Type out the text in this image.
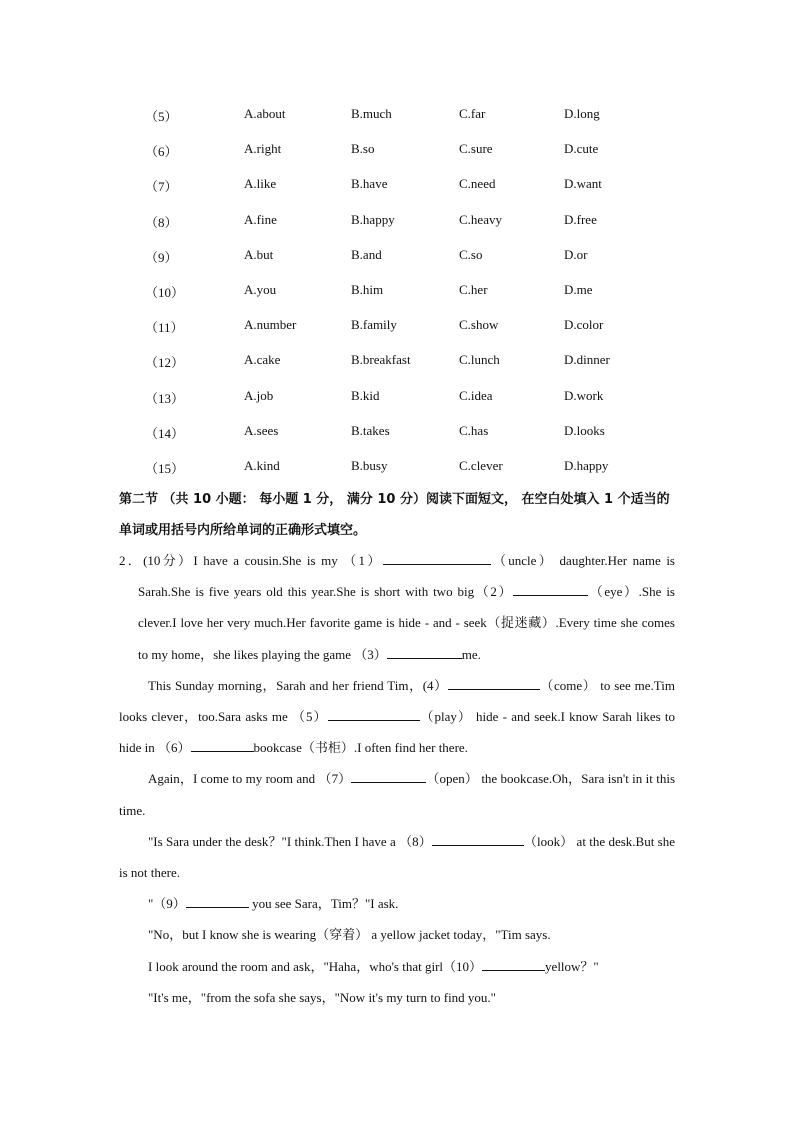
（5）	A.about	B.much	C.far	D.long
（6）	A.right	B.so	C.sure	D.cute
（7）	A.like	B.have	C.need	D.want
（8）	A.fine	B.happy	C.heavy	D.free
（9）	A.but	B.and	C.so	D.or
（10）	A.you	B.him	C.her	D.me
（11）	A.number	B.family	C.show	D.color
（12）	A.cake	B.breakfast	C.lunch	D.dinner
（13）	A.job	B.kid	C.idea	D.work
（14）	A.sees	B.takes	C.has	D.looks
（15）	A.kind	B.busy	C.clever	D.happy
第二节 （共 10 小题： 每小题 1 分， 满分 10 分）阅读下面短文， 在空白处填入 1 个适当的单词或用括号内所给单词的正确形式填空。

2．(10分）I have a cousin.She is my （1）	（uncle） daughter.Her name is Sarah.She is five years old this year.She is short with two big（2）	（eye）.She is clever.I love her very much.Her favorite game is hide - and - seek（捉迷藏）.Every time she comes to my home，she likes playing the game （3）	me.

This Sunday morning，Sarah and her friend Tim，(4）	（come） to see me.Tim looks clever，too.Sara asks me （5）	（play） hide - and seek.I know Sarah likes to hide in （6）	bookcase（书柜）.I often find her there.

Again，I come to my room and （7）	（open） the bookcase.Oh，Sara isn't in it this time.

"Is Sara under the desk？"I think.Then I have a （8）	（look） at the desk.But she is not there.

"（9）	you see Sara，Tim？"I ask.

"No，but I know she is wearing（穿着） a yellow jacket today，"Tim says.

I look around the room and ask，"Haha，who's that girl（10）	yellow？"

"It's me，"from the sofa she says，"Now it's my turn to find you."
